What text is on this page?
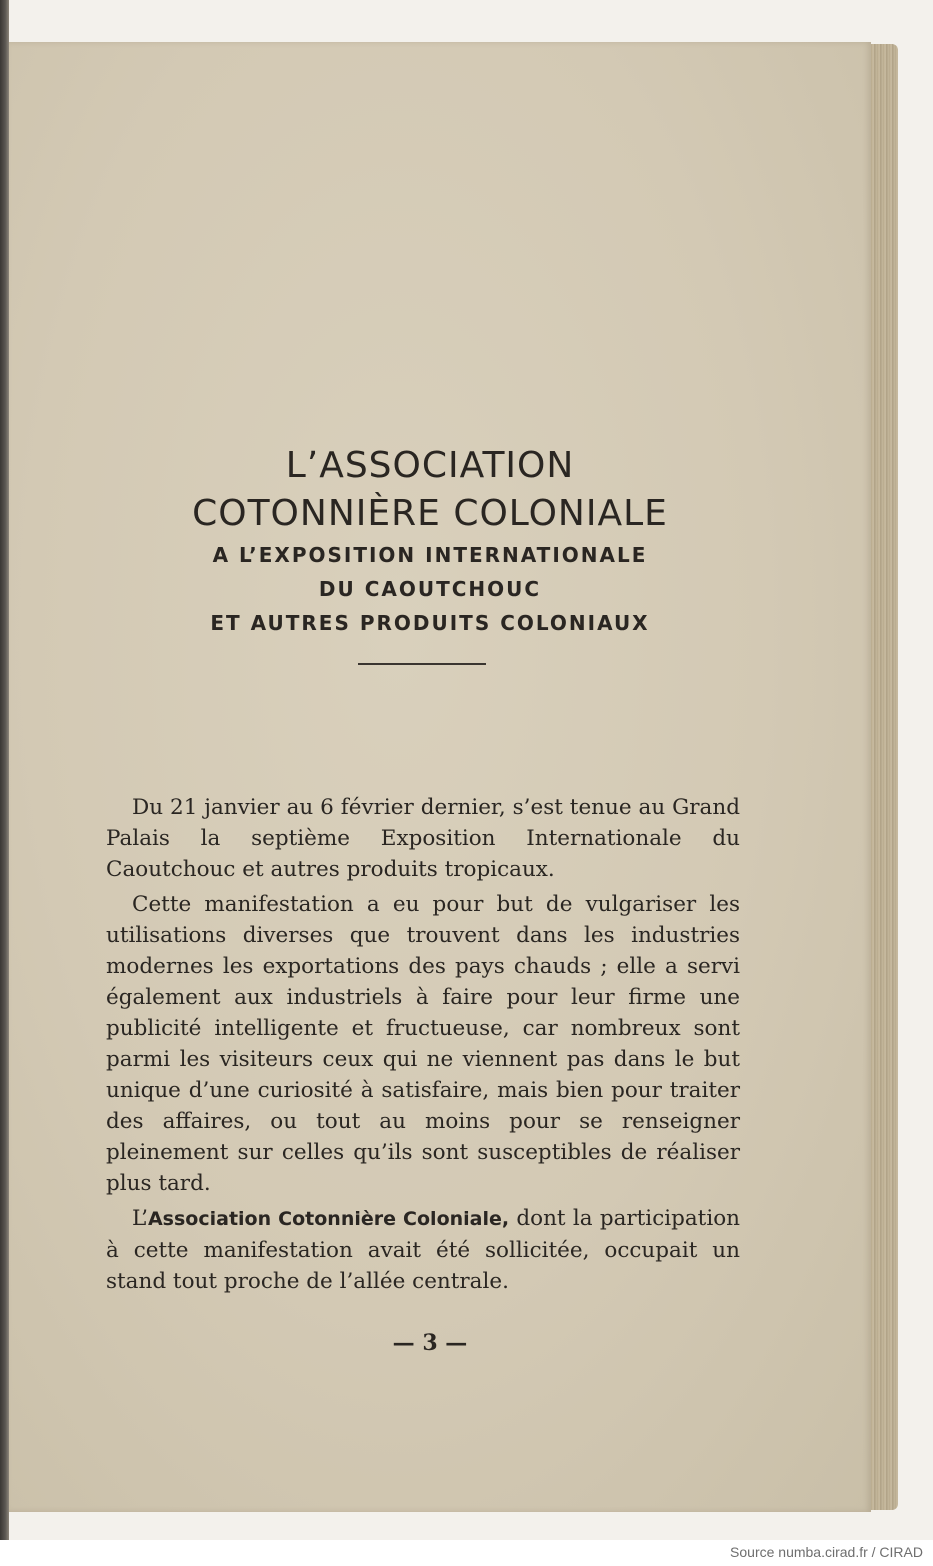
L’ASSOCIATION
COTONNIÈRE COLONIALE
A L’EXPOSITION INTERNATIONALE
DU CAOUTCHOUC
ET AUTRES PRODUITS COLONIAUX

Du 21 janvier au 6 février dernier, s’est tenue au Grand Palais la septième Exposition Internationale du Caoutchouc et autres produits tropicaux.

Cette manifestation a eu pour but de vulgariser les utilisations diverses que trouvent dans les industries modernes les exportations des pays chauds ; elle a servi également aux industriels à faire pour leur firme une publicité intelligente et fructueuse, car nombreux sont parmi les visiteurs ceux qui ne viennent pas dans le but unique d’une curiosité à satisfaire, mais bien pour traiter des affaires, ou tout au moins pour se renseigner pleinement sur celles qu’ils sont susceptibles de réaliser plus tard.

L’Association Cotonnière Coloniale, dont la participation à cette manifestation avait été sollicitée, occupait un stand tout proche de l’allée centrale.

— 3 —
Source numba.cirad.fr / CIRAD
